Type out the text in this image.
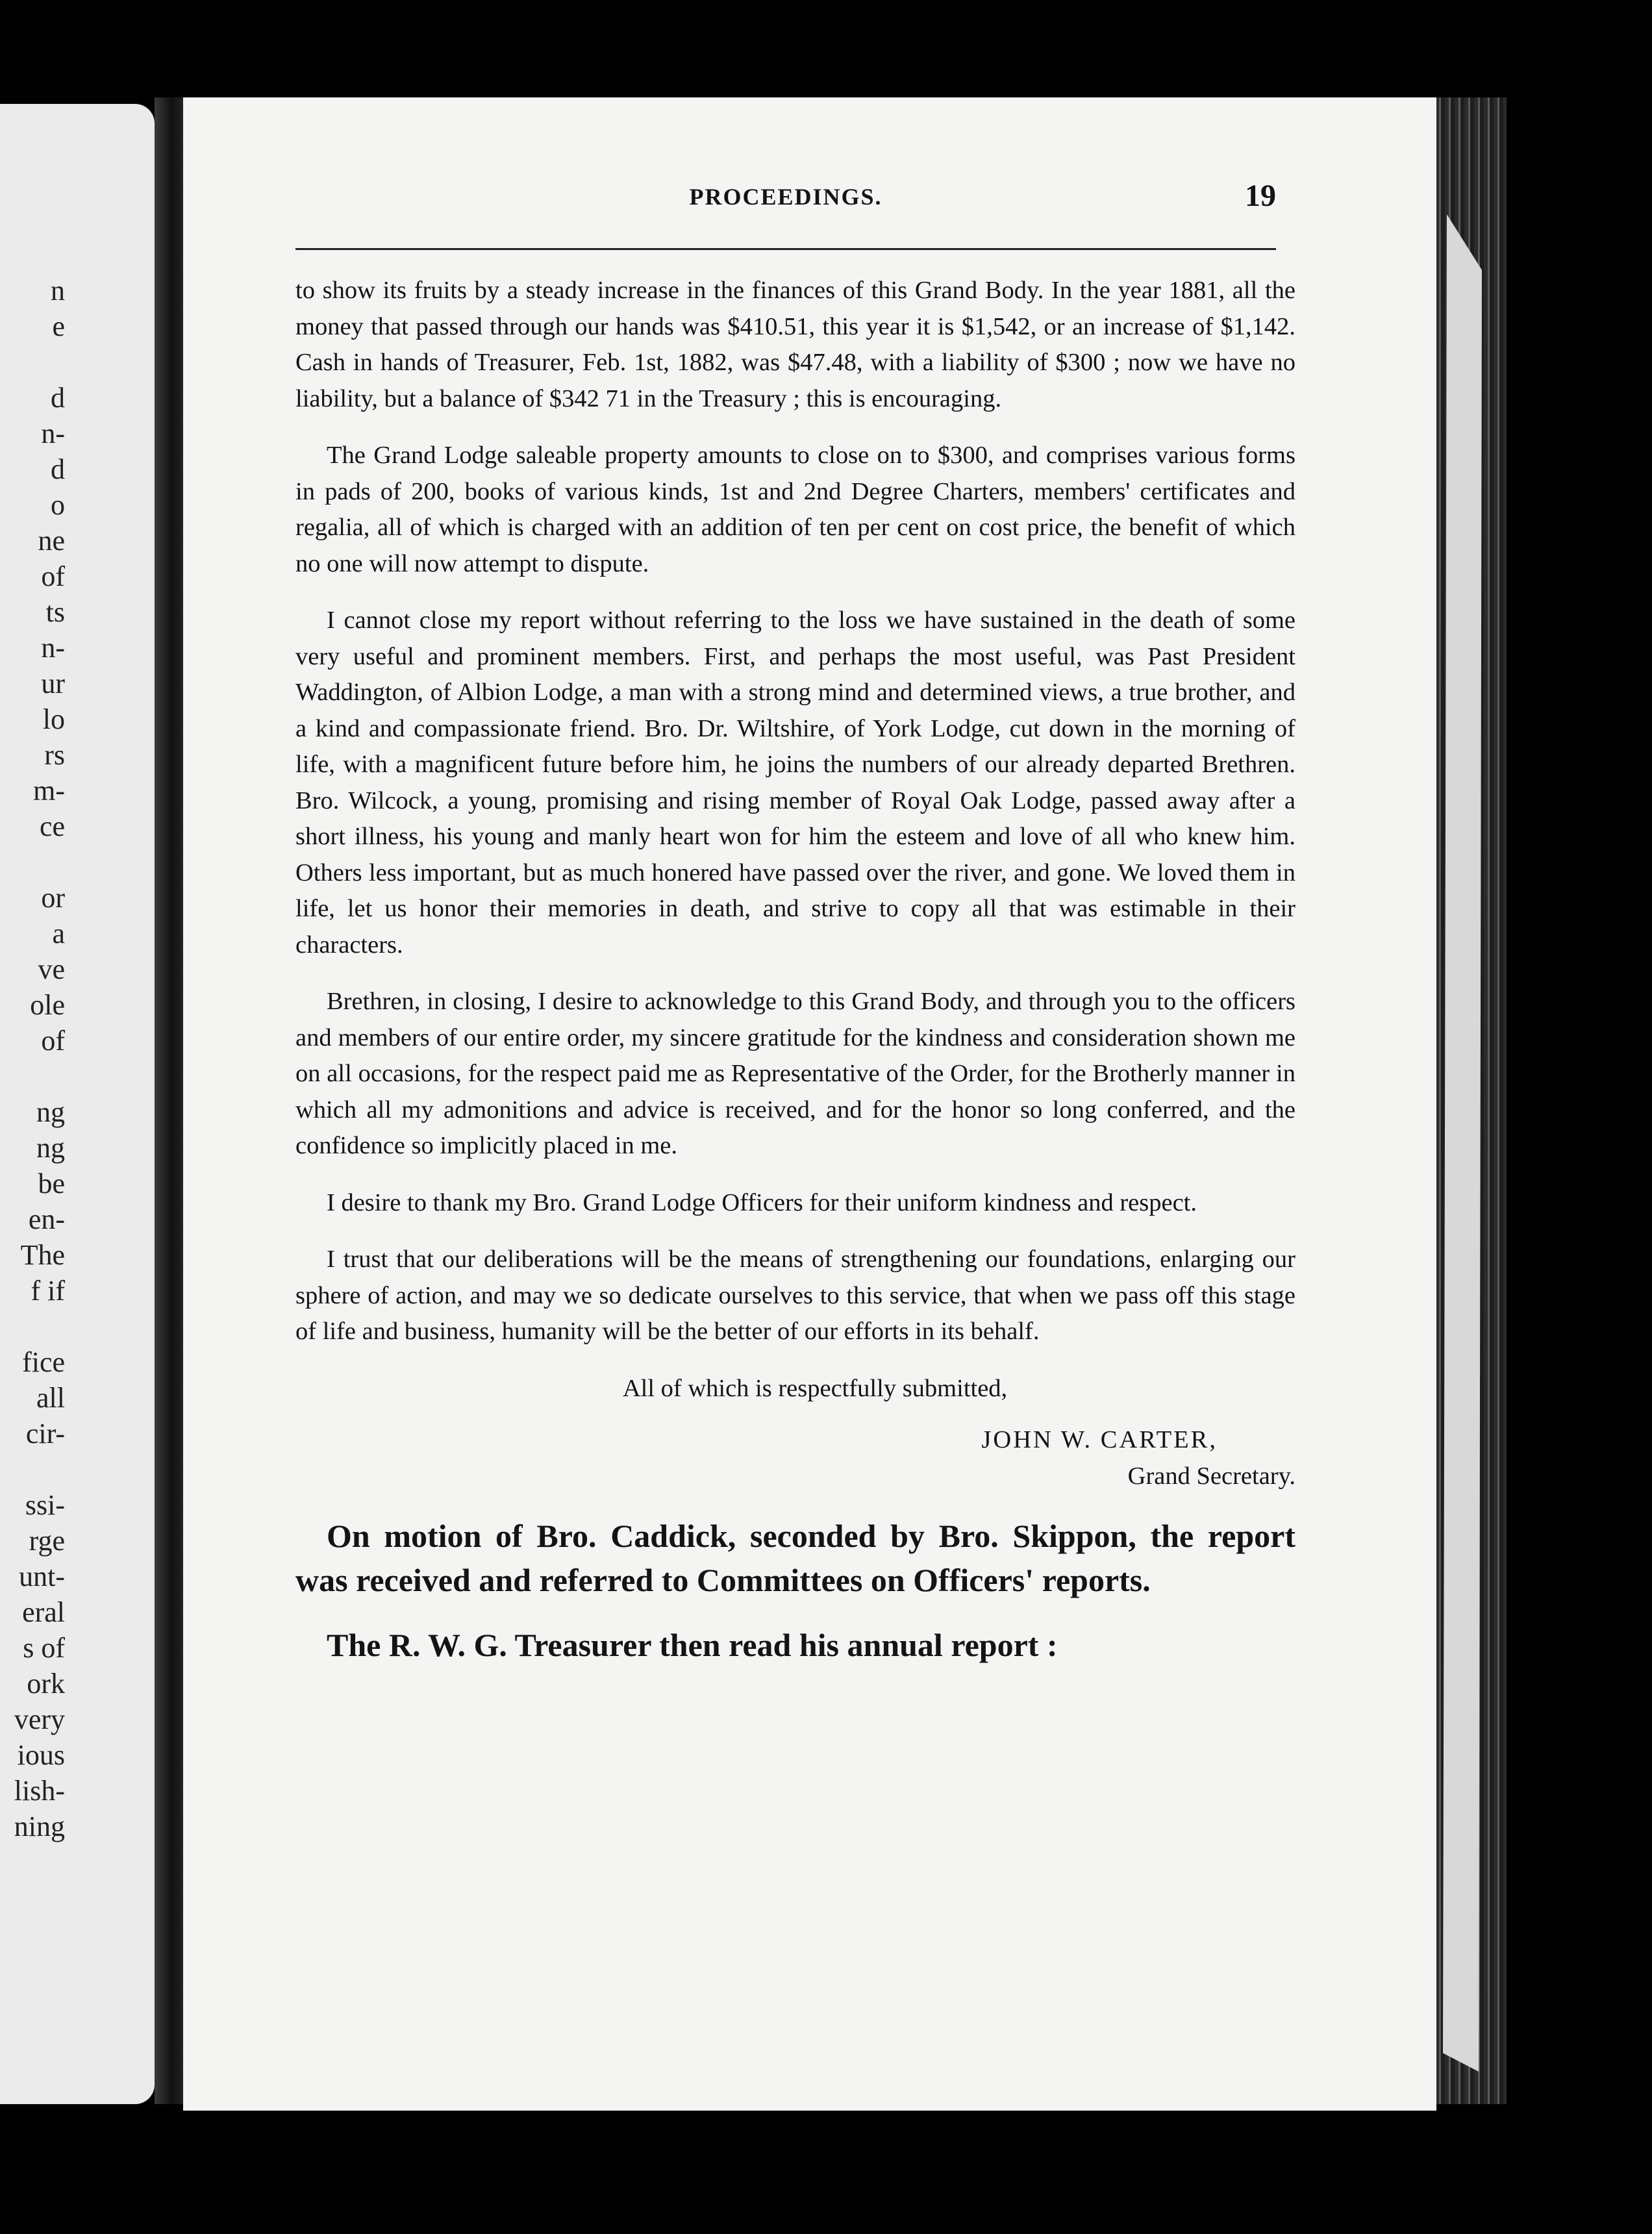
n
e
d
n-
d
o
ne
of
ts
n-
ur
lo
rs
m-
ce
or
a
ve
ole
of
ng
ng
be
en-
The
f if
fice
all
cir-
ssi-
rge
unt-
eral
s of
ork
very
ious
lish-
ning
PROCEEDINGS.	19

to show its fruits by a steady increase in the finances of this Grand Body. In the year 1881, all the money that passed through our hands was $410.51, this year it is $1,542, or an increase of $1,142. Cash in hands of Treasurer, Feb. 1st, 1882, was $47.48, with a liability of $300 ; now we have no liability, but a balance of $342 71 in the Treasury ; this is encouraging.

The Grand Lodge saleable property amounts to close on to $300, and comprises various forms in pads of 200, books of various kinds, 1st and 2nd Degree Charters, members' certificates and regalia, all of which is charged with an addition of ten per cent on cost price, the benefit of which no one will now attempt to dispute.

I cannot close my report without referring to the loss we have sustained in the death of some very useful and prominent members. First, and perhaps the most useful, was Past President Waddington, of Albion Lodge, a man with a strong mind and determined views, a true brother, and a kind and compassionate friend. Bro. Dr. Wiltshire, of York Lodge, cut down in the morning of life, with a magnificent future before him, he joins the numbers of our already departed Brethren. Bro. Wilcock, a young, promising and rising member of Royal Oak Lodge, passed away after a short illness, his young and manly heart won for him the esteem and love of all who knew him. Others less important, but as much honered have passed over the river, and gone. We loved them in life, let us honor their memories in death, and strive to copy all that was estimable in their characters.

Brethren, in closing, I desire to acknowledge to this Grand Body, and through you to the officers and members of our entire order, my sincere gratitude for the kindness and consideration shown me on all occasions, for the respect paid me as Representative of the Order, for the Brotherly manner in which all my admonitions and advice is received, and for the honor so long conferred, and the confidence so implicitly placed in me.

I desire to thank my Bro. Grand Lodge Officers for their uniform kindness and respect.

I trust that our deliberations will be the means of strengthening our foundations, enlarging our sphere of action, and may we so dedicate ourselves to this service, that when we pass off this stage of life and business, humanity will be the better of our efforts in its behalf.

All of which is respectfully submitted,
JOHN W. CARTER,
Grand Secretary.

On motion of Bro. Caddick, seconded by Bro. Skippon, the report was received and referred to Committees on Officers' reports.

The R. W. G. Treasurer then read his annual report :
